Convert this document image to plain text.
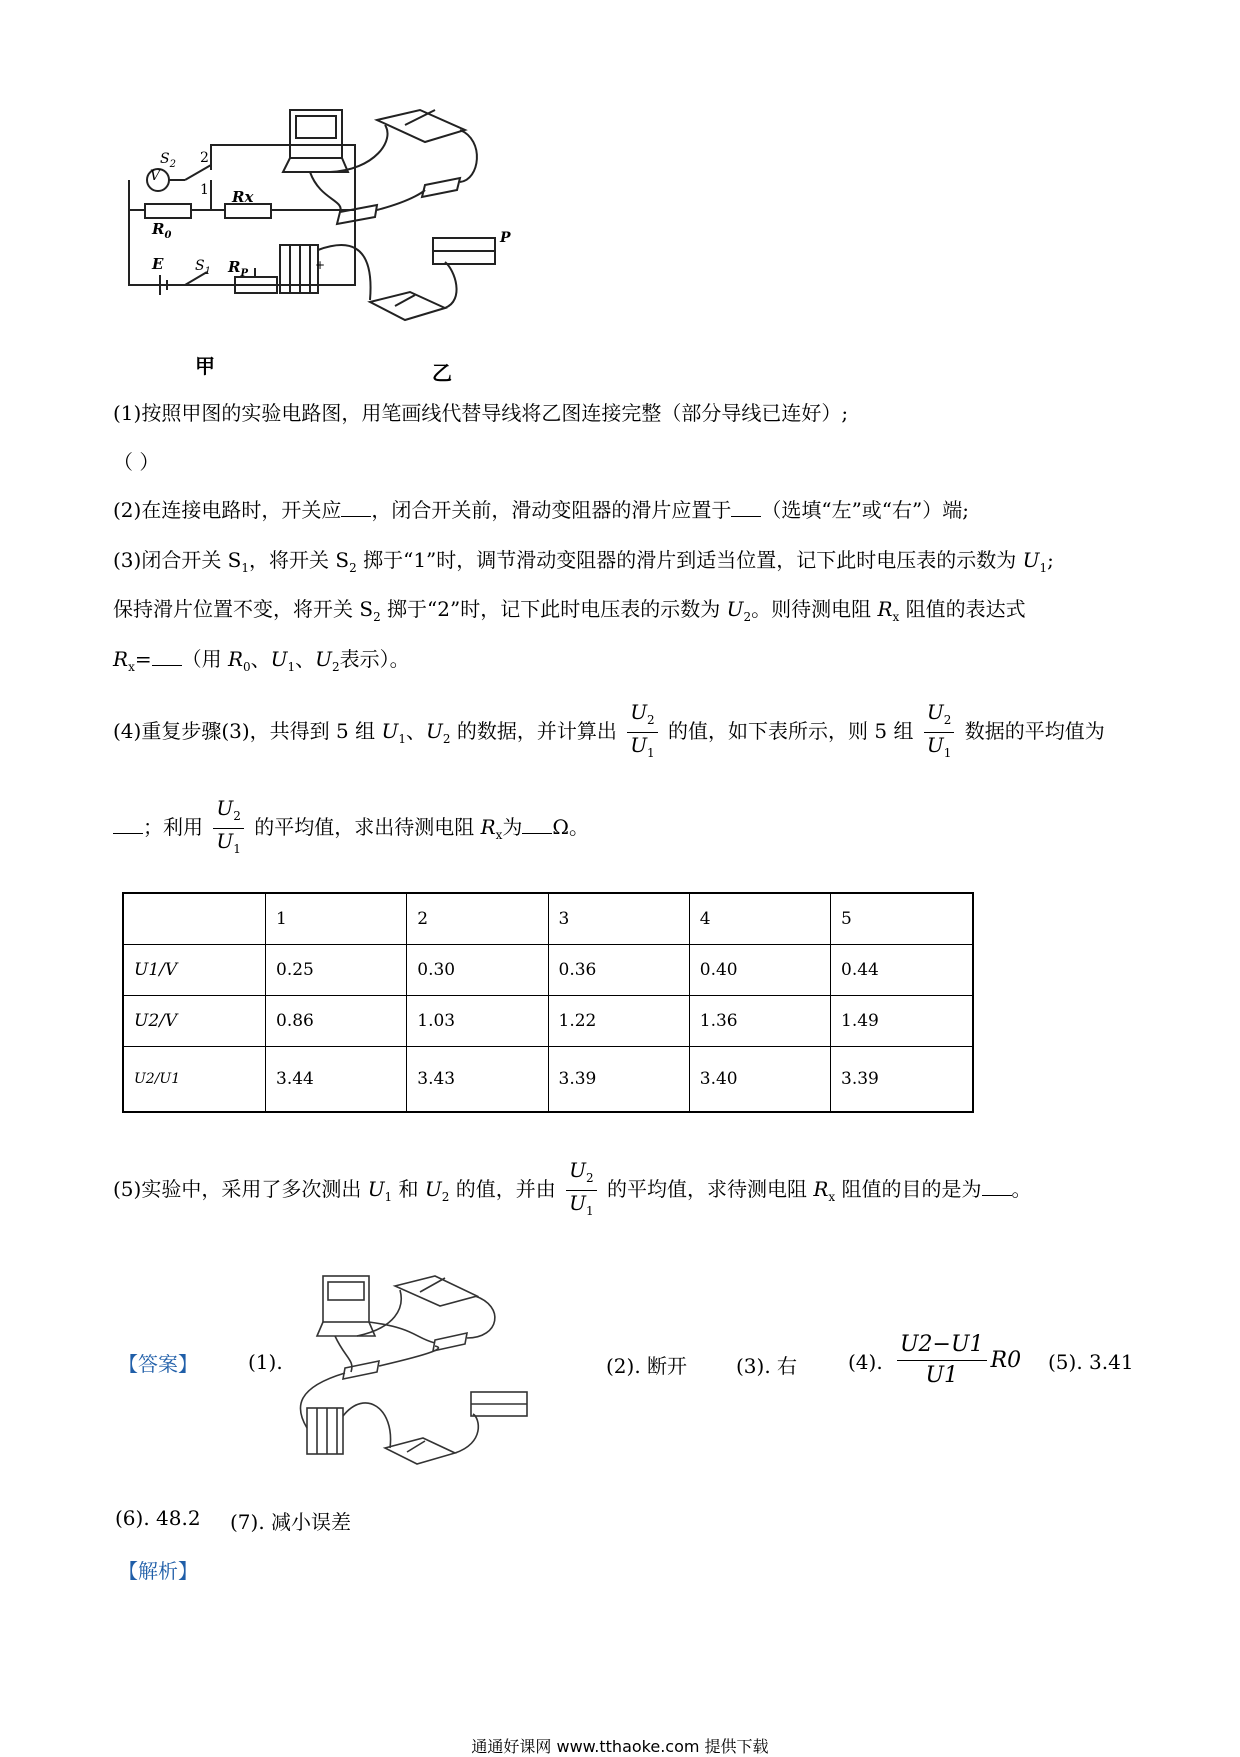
V
$S_2$ 2
1 Rx
$R_0$
E $S_1$ $R_P$
P
+
甲	乙
(1)按照甲图的实验电路图，用笔画线代替导线将乙图连接完整（部分导线已连好）;
（ ）
(2)在连接电路时，开关应 ，闭合开关前，滑动变阻器的滑片应置于 （选填“左”或“右”）端;
(3)闭合开关 $S_1$，将开关 $S_2$ 掷于“1”时，调节滑动变阻器的滑片到适当位置，记下此时电压表的示数为 $U_1$;
保持滑片位置不变，将开关 $S_2$ 掷于“2”时，记下此时电压表的示数为 $U_2$。则待测电阻 $R_x$ 阻值的表达式
$R_x=$ （用 $R_0$、$U_1$、$U_2$表示）。
(4)重复步骤(3)，共得到 5 组 $U_1$、$U_2$ 的数据，并计算出 $\frac{U_2}{U_1}$ 的值，如下表所示，则 5 组 $\frac{U_2}{U_1}$ 数据的平均值为
；利用 $\frac{U_2}{U_1}$ 的平均值，求出待测电阻 $R_x$为 Ω。
	1	2	3	4	5
U1/V	0.25	0.30	0.36	0.40	0.44
U2/V	0.86	1.03	1.22	1.36	1.49
U2/U1	3.44	3.43	3.39	3.40	3.39
(5)实验中，采用了多次测出 $U_1$ 和 $U_2$ 的值，并由 $\frac{U_2}{U_1}$ 的平均值，求待测电阻 $R_x$ 阻值的目的是为 。
【答案】	(1).	(2). 断开 (3). 右	(4). $\frac{U2-U1}{U1} R0$ (5). 3.41
(6). 48.2 (7). 减小误差
【解析】
通通好课网 www.tthaoke.com 提供下载
